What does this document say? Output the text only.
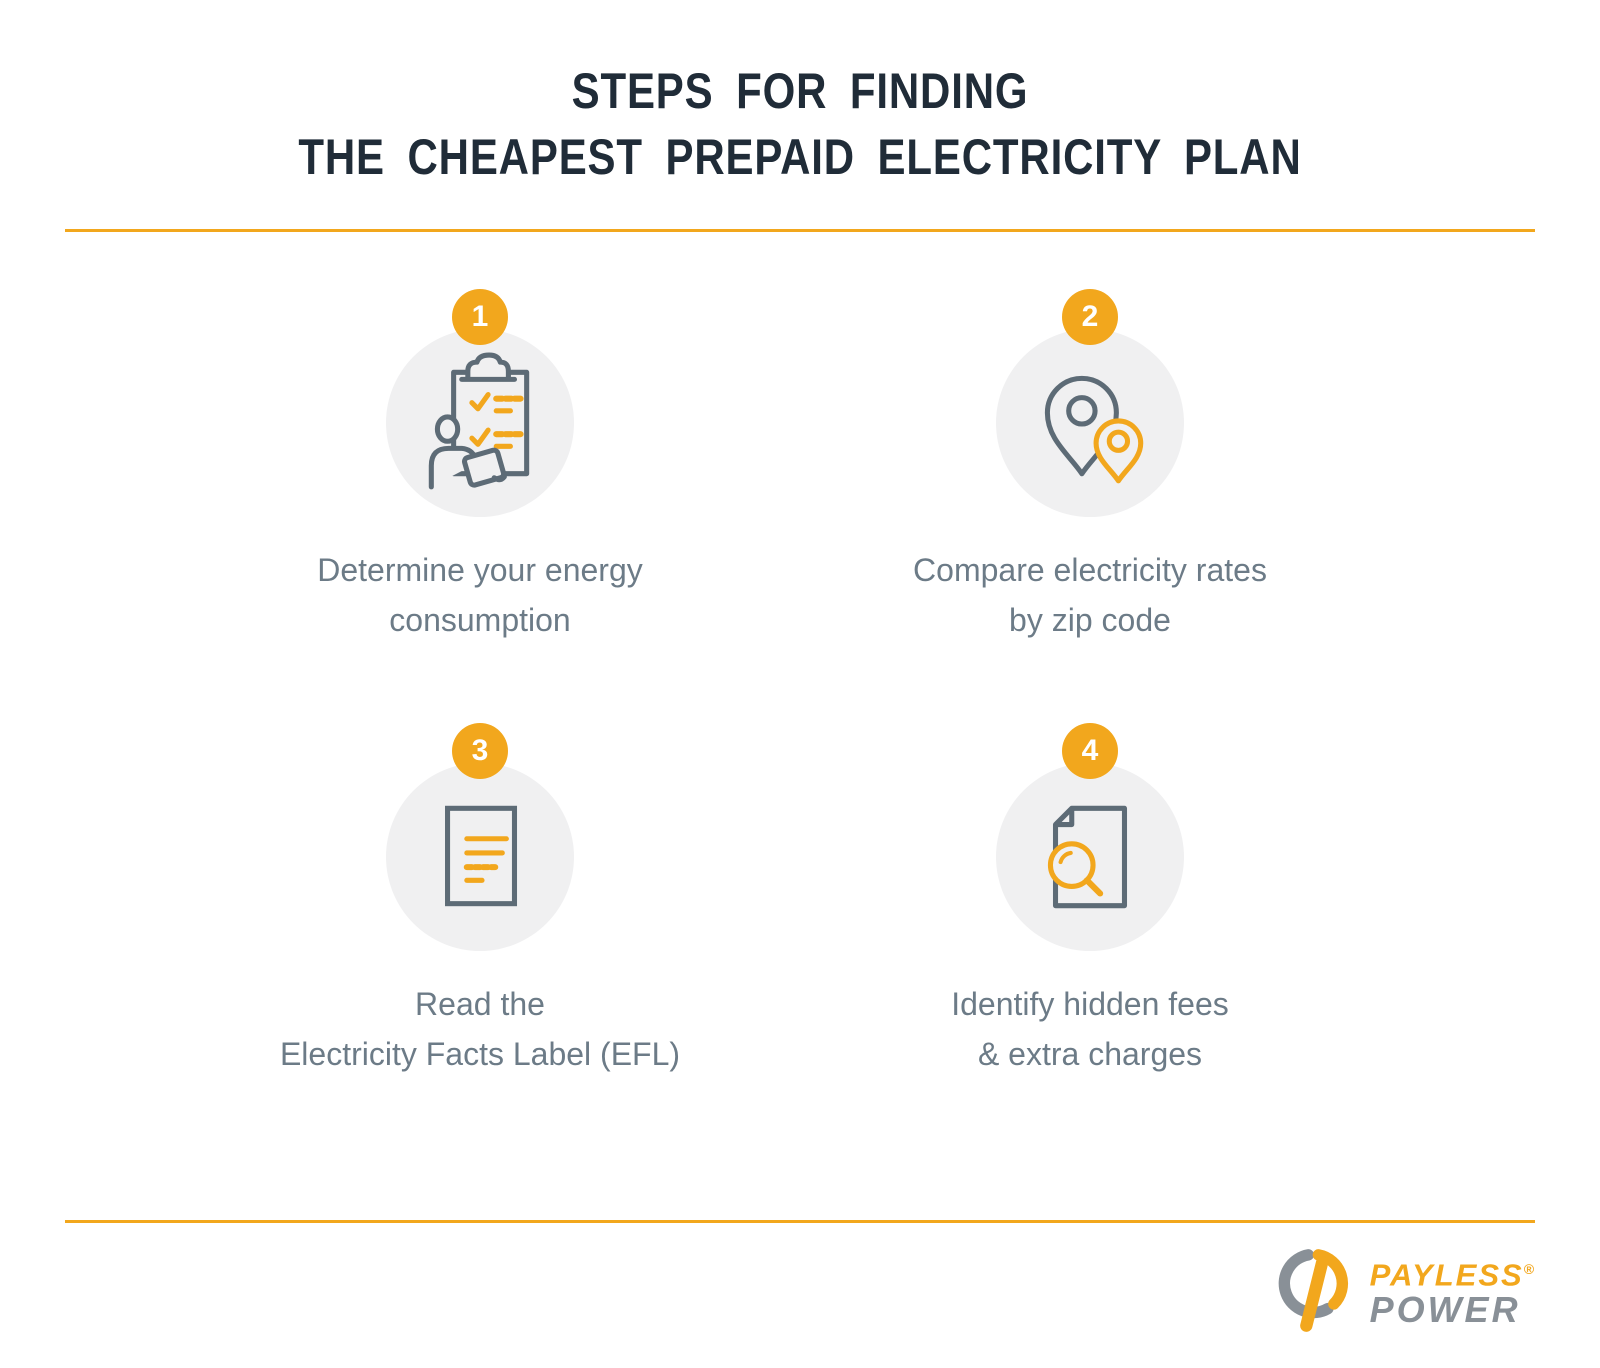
STEPS FOR FINDING
THE CHEAPEST PREPAID ELECTRICITY PLAN
1
Determine your energy
consumption
2
Compare electricity rates
by zip code
3
Read the
Electricity Facts Label (EFL)
4
Identify hidden fees
& extra charges
PAYLESS®
POWER
